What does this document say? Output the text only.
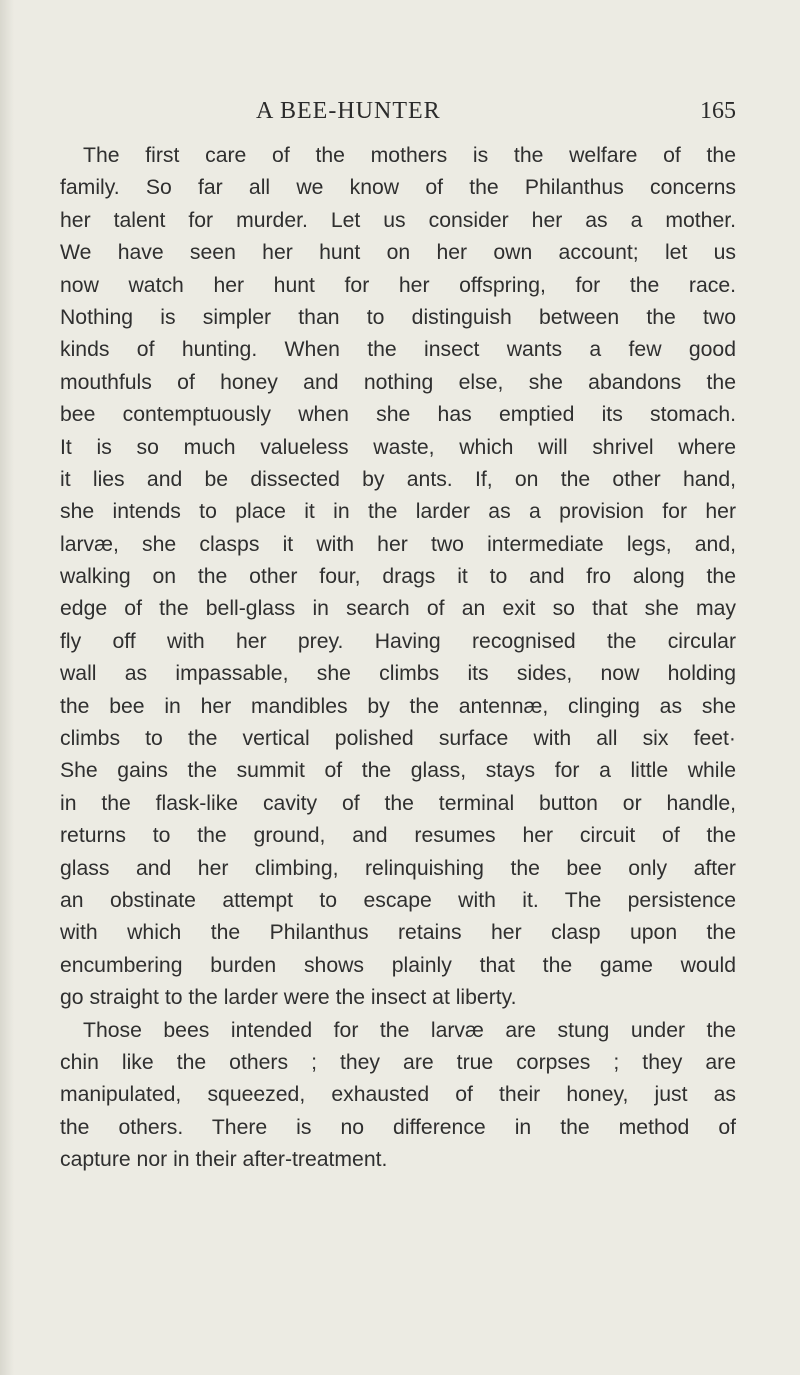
A BEE-HUNTER	165
The first care of the mothers is the welfare of the
family. So far all we know of the Philanthus concerns
her talent for murder. Let us consider her as a mother.
We have seen her hunt on her own account; let us
now watch her hunt for her offspring, for the race.
Nothing is simpler than to distinguish between the two
kinds of hunting. When the insect wants a few good
mouthfuls of honey and nothing else, she abandons the
bee contemptuously when she has emptied its stomach.
It is so much valueless waste, which will shrivel where
it lies and be dissected by ants. If, on the other hand,
she intends to place it in the larder as a provision for her
larvæ, she clasps it with her two intermediate legs, and,
walking on the other four, drags it to and fro along the
edge of the bell-glass in search of an exit so that she may
fly off with her prey. Having recognised the circular
wall as impassable, she climbs its sides, now holding
the bee in her mandibles by the antennæ, clinging as she
climbs to the vertical polished surface with all six feet·
She gains the summit of the glass, stays for a little while
in the flask-like cavity of the terminal button or handle,
returns to the ground, and resumes her circuit of the
glass and her climbing, relinquishing the bee only after
an obstinate attempt to escape with it. The persistence
with which the Philanthus retains her clasp upon the
encumbering burden shows plainly that the game would
go straight to the larder were the insect at liberty.
Those bees intended for the larvæ are stung under the
chin like the others ; they are true corpses ; they are
manipulated, squeezed, exhausted of their honey, just as
the others. There is no difference in the method of
capture nor in their after-treatment.
